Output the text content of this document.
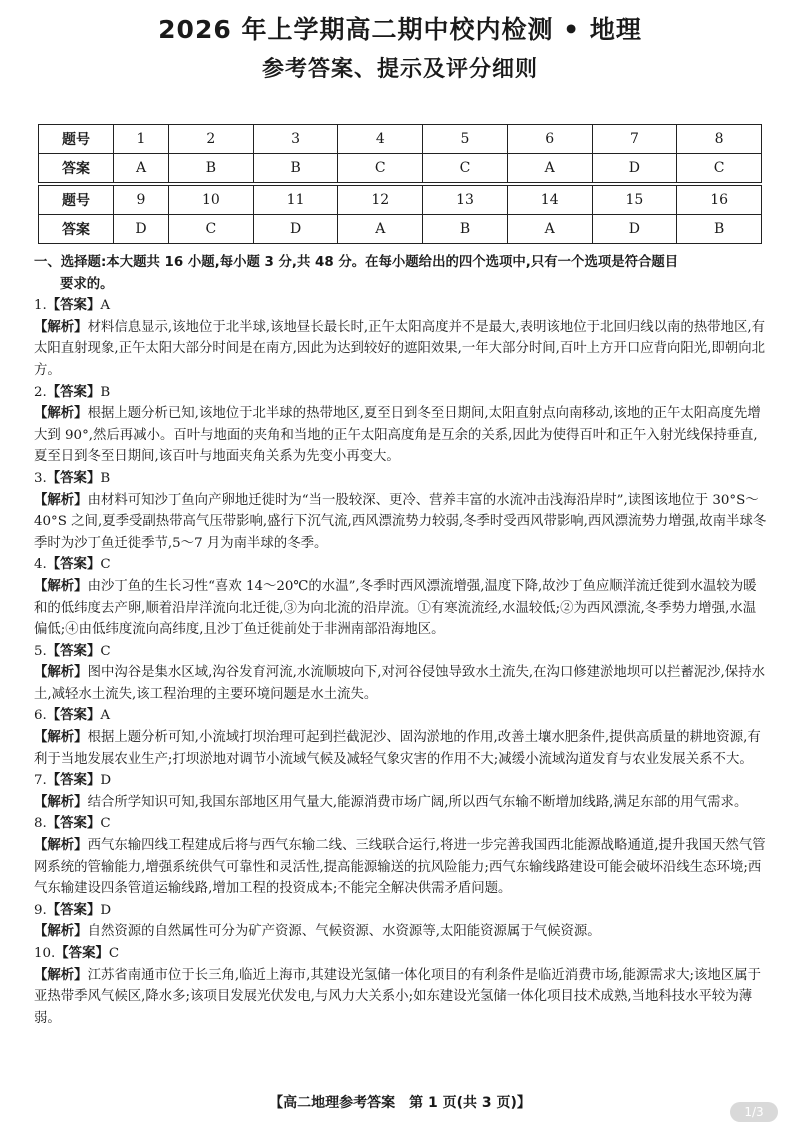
2026 年上学期高二期中校内检测 • 地理
参考答案、提示及评分细则
题号	1	2	3	4	5	6	7	8
答案	A	B	B	C	C	A	D	C
题号	9	10	11	12	13	14	15	16
答案	D	C	D	A	B	A	D	B
一、选择题:本大题共 16 小题,每小题 3 分,共 48 分。在每小题给出的四个选项中,只有一个选项是符合题目
要求的。
1.【答案】A
【解析】材料信息显示,该地位于北半球,该地昼长最长时,正午太阳高度并不是最大,表明该地位于北回归线以南的热带地区,有太阳直射现象,正午太阳大部分时间是在南方,因此为达到较好的遮阳效果,一年大部分时间,百叶上方开口应背向阳光,即朝向北方。
2.【答案】B
【解析】根据上题分析已知,该地位于北半球的热带地区,夏至日到冬至日期间,太阳直射点向南移动,该地的正午太阳高度先增大到 90°,然后再减小。百叶与地面的夹角和当地的正午太阳高度角是互余的关系,因此为使得百叶和正午入射光线保持垂直,夏至日到冬至日期间,该百叶与地面夹角关系为先变小再变大。
3.【答案】B
【解析】由材料可知沙丁鱼向产卵地迁徙时为“当一股较深、更冷、营养丰富的水流冲击浅海沿岸时”,读图该地位于 30°S～40°S 之间,夏季受副热带高气压带影响,盛行下沉气流,西风漂流势力较弱,冬季时受西风带影响,西风漂流势力增强,故南半球冬季时为沙丁鱼迁徙季节,5～7 月为南半球的冬季。
4.【答案】C
【解析】由沙丁鱼的生长习性“喜欢 14～20℃的水温”,冬季时西风漂流增强,温度下降,故沙丁鱼应顺洋流迁徙到水温较为暖和的低纬度去产卵,顺着沿岸洋流向北迁徙,③为向北流的沿岸流。①有寒流流经,水温较低;②为西风漂流,冬季势力增强,水温偏低;④由低纬度流向高纬度,且沙丁鱼迁徙前处于非洲南部沿海地区。
5.【答案】C
【解析】图中沟谷是集水区域,沟谷发育河流,水流顺坡向下,对河谷侵蚀导致水土流失,在沟口修建淤地坝可以拦蓄泥沙,保持水土,减轻水土流失,该工程治理的主要环境问题是水土流失。
6.【答案】A
【解析】根据上题分析可知,小流域打坝治理可起到拦截泥沙、固沟淤地的作用,改善土壤水肥条件,提供高质量的耕地资源,有利于当地发展农业生产;打坝淤地对调节小流域气候及减轻气象灾害的作用不大;减缓小流域沟道发育与农业发展关系不大。
7.【答案】D
【解析】结合所学知识可知,我国东部地区用气量大,能源消费市场广阔,所以西气东输不断增加线路,满足东部的用气需求。
8.【答案】C
【解析】西气东输四线工程建成后将与西气东输二线、三线联合运行,将进一步完善我国西北能源战略通道,提升我国天然气管网系统的管输能力,增强系统供气可靠性和灵活性,提高能源输送的抗风险能力;西气东输线路建设可能会破坏沿线生态环境;西气东输建设四条管道运输线路,增加工程的投资成本;不能完全解决供需矛盾问题。
9.【答案】D
【解析】自然资源的自然属性可分为矿产资源、气候资源、水资源等,太阳能资源属于气候资源。
10.【答案】C
【解析】江苏省南通市位于长三角,临近上海市,其建设光氢储一体化项目的有利条件是临近消费市场,能源需求大;该地区属于亚热带季风气候区,降水多;该项目发展光伏发电,与风力大关系小;如东建设光氢储一体化项目技术成熟,当地科技水平较为薄弱。
【高二地理参考答案　第 1 页(共 3 页)】
1/3
